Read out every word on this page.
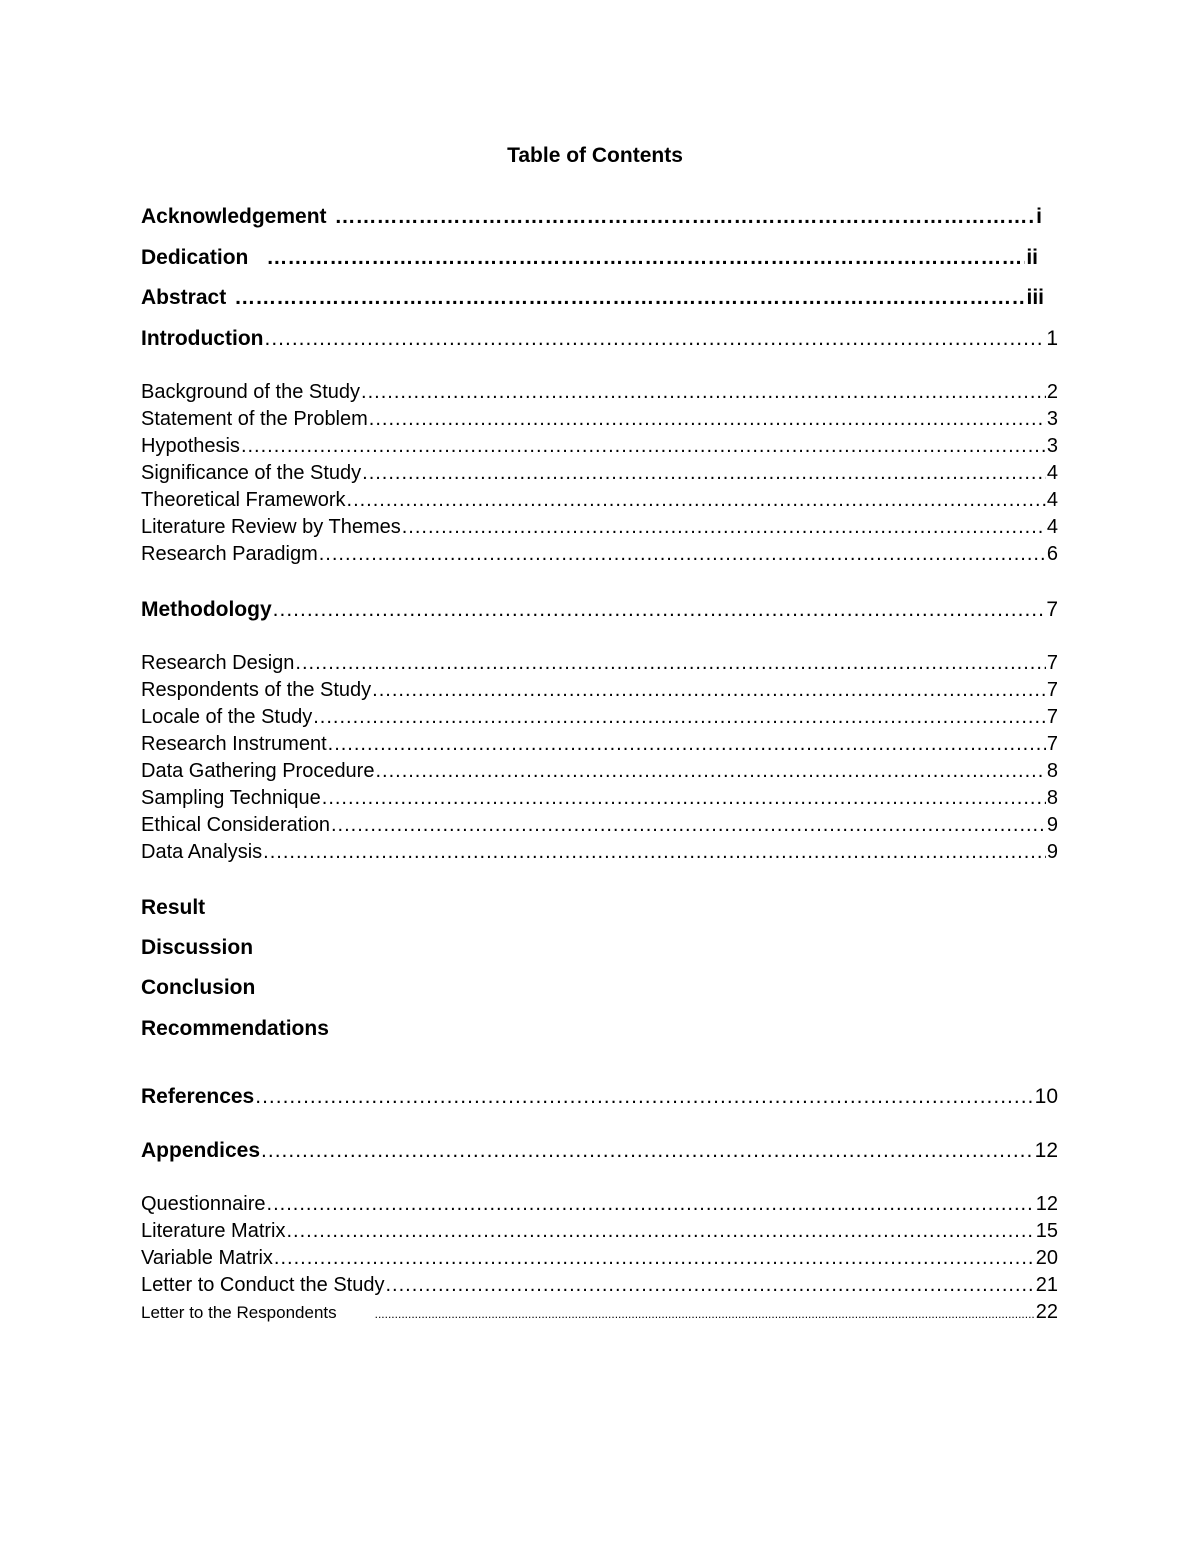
Table of Contents
Acknowledgement ………………………………………………………………………………………………………………………………………………………………………………………………………………	i
Dedication ………………………………………………………………………………………………………………………………………………………………………………………………………………	ii
Abstract ………………………………………………………………………………………………………………………………………………………………………………………………………………	iii
Introduction .....	1
Background of the Study .....	2
Statement of the Problem .....	3
Hypothesis .....	3
Significance of the Study .....	4
Theoretical Framework .....	4
Literature Review by Themes .....	4
Research Paradigm .....	6
Methodology .....	7
Research Design .....	7
Respondents of the Study .....	7
Locale of the Study .....	7
Research Instrument .....	7
Data Gathering Procedure .....	8
Sampling Technique .....	8
Ethical Consideration .....	9
Data Analysis .....	9
Result
Discussion
Conclusion
Recommendations
References .....	10
Appendices .....	12
Questionnaire .....	12
Literature Matrix .....	15
Variable Matrix .....	20
Letter to Conduct the Study .....	21
Letter to the Respondents .....	22
